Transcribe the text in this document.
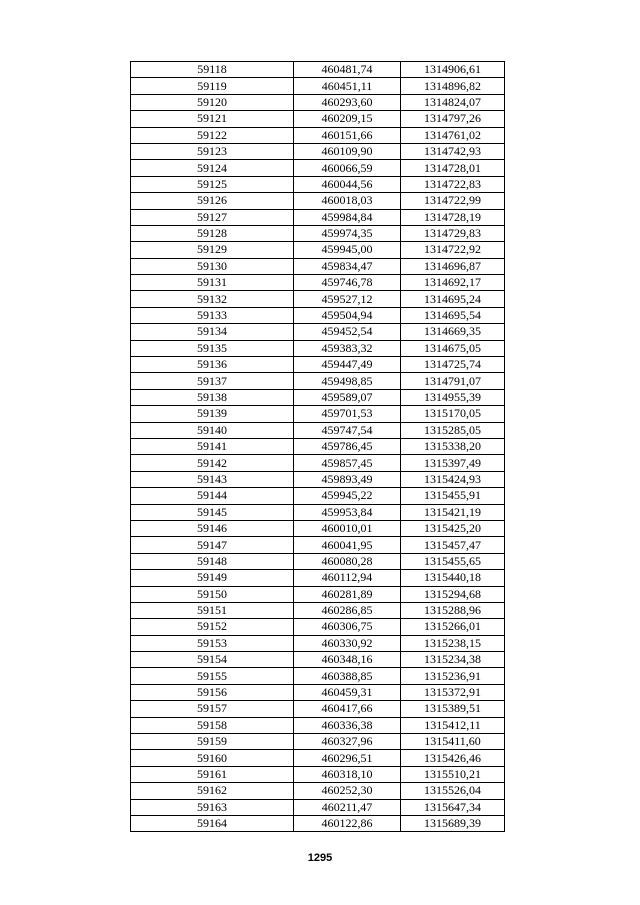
59118	460481,74	1314906,61
59119	460451,11	1314896,82
59120	460293,60	1314824,07
59121	460209,15	1314797,26
59122	460151,66	1314761,02
59123	460109,90	1314742,93
59124	460066,59	1314728,01
59125	460044,56	1314722,83
59126	460018,03	1314722,99
59127	459984,84	1314728,19
59128	459974,35	1314729,83
59129	459945,00	1314722,92
59130	459834,47	1314696,87
59131	459746,78	1314692,17
59132	459527,12	1314695,24
59133	459504,94	1314695,54
59134	459452,54	1314669,35
59135	459383,32	1314675,05
59136	459447,49	1314725,74
59137	459498,85	1314791,07
59138	459589,07	1314955,39
59139	459701,53	1315170,05
59140	459747,54	1315285,05
59141	459786,45	1315338,20
59142	459857,45	1315397,49
59143	459893,49	1315424,93
59144	459945,22	1315455,91
59145	459953,84	1315421,19
59146	460010,01	1315425,20
59147	460041,95	1315457,47
59148	460080,28	1315455,65
59149	460112,94	1315440,18
59150	460281,89	1315294,68
59151	460286,85	1315288,96
59152	460306,75	1315266,01
59153	460330,92	1315238,15
59154	460348,16	1315234,38
59155	460388,85	1315236,91
59156	460459,31	1315372,91
59157	460417,66	1315389,51
59158	460336,38	1315412,11
59159	460327,96	1315411,60
59160	460296,51	1315426,46
59161	460318,10	1315510,21
59162	460252,30	1315526,04
59163	460211,47	1315647,34
59164	460122,86	1315689,39
1295
